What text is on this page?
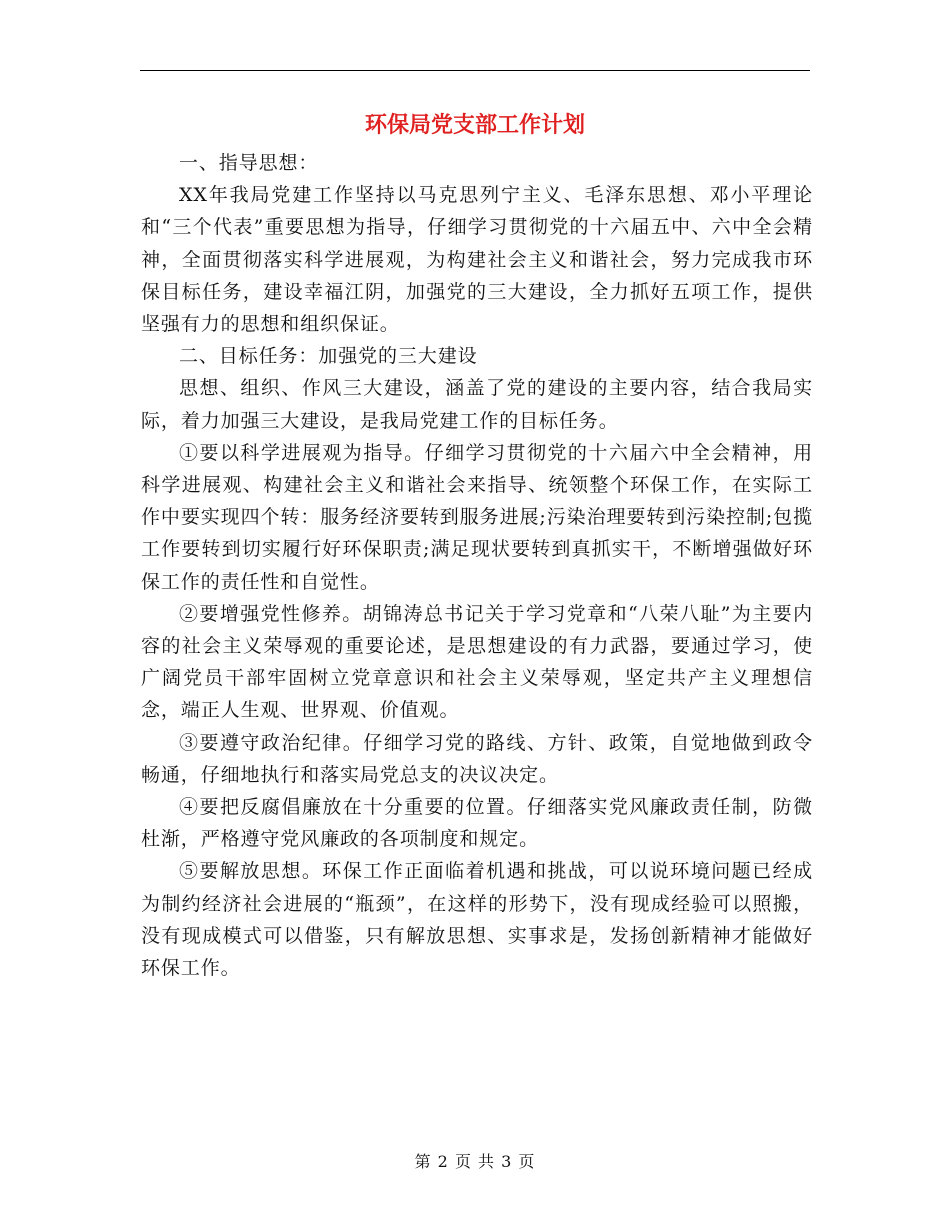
环保局党支部工作计划

一、指导思想：

XX年我局党建工作坚持以马克思列宁主义、毛泽东思想、邓小平理论和“三个代表”重要思想为指导，仔细学习贯彻党的十六届五中、六中全会精神，全面贯彻落实科学进展观，为构建社会主义和谐社会，努力完成我市环保目标任务，建设幸福江阴，加强党的三大建设，全力抓好五项工作，提供坚强有力的思想和组织保证。

二、目标任务：加强党的三大建设

思想、组织、作风三大建设，涵盖了党的建设的主要内容，结合我局实际，着力加强三大建设，是我局党建工作的目标任务。

①要以科学进展观为指导。仔细学习贯彻党的十六届六中全会精神，用科学进展观、构建社会主义和谐社会来指导、统领整个环保工作，在实际工作中要实现四个转：服务经济要转到服务进展;污染治理要转到污染控制;包揽工作要转到切实履行好环保职责;满足现状要转到真抓实干，不断增强做好环保工作的责任性和自觉性。

②要增强党性修养。胡锦涛总书记关于学习党章和“八荣八耻”为主要内容的社会主义荣辱观的重要论述，是思想建设的有力武器，要通过学习，使广阔党员干部牢固树立党章意识和社会主义荣辱观，坚定共产主义理想信念，端正人生观、世界观、价值观。

③要遵守政治纪律。仔细学习党的路线、方针、政策，自觉地做到政令畅通，仔细地执行和落实局党总支的决议决定。

④要把反腐倡廉放在十分重要的位置。仔细落实党风廉政责任制，防微杜渐，严格遵守党风廉政的各项制度和规定。

⑤要解放思想。环保工作正面临着机遇和挑战，可以说环境问题已经成为制约经济社会进展的“瓶颈”，在这样的形势下，没有现成经验可以照搬，没有现成模式可以借鉴，只有解放思想、实事求是，发扬创新精神才能做好环保工作。

第 2 页 共 3 页
